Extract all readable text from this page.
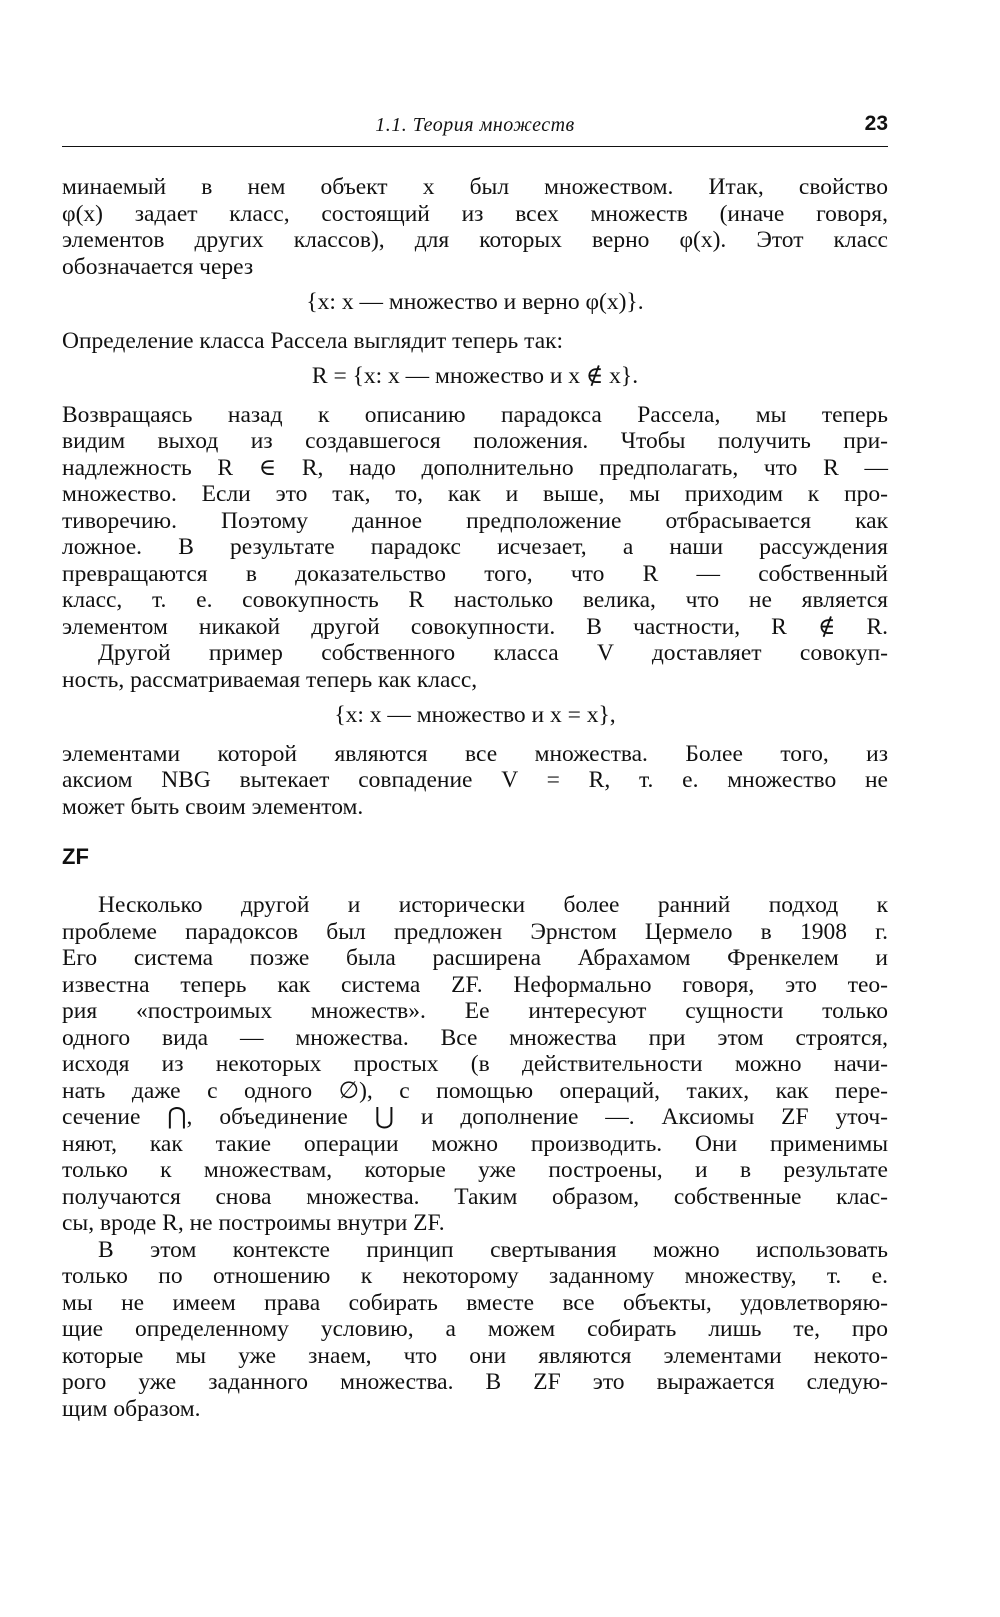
1.1. Теория множеств	23

минаемый в нем объект x был множеством. Итак, свойство

φ(x) задает класс, состоящий из всех множеств (иначе говоря,

элементов других классов), для которых верно φ(x). Этот класс

обозначается через

{x: x — множество и верно φ(x)}.

Определение класса Рассела выглядит теперь так:

R = {x: x — множество и x ∉ x}.

Возвращаясь назад к описанию парадокса Рассела, мы теперь

видим выход из создавшегося положения. Чтобы получить при-

надлежность R ∈ R, надо дополнительно предполагать, что R —

множество. Если это так, то, как и выше, мы приходим к про-

тиворечию. Поэтому данное предположение отбрасывается как

ложное. В результате парадокс исчезает, а наши рассуждения

превращаются в доказательство того, что R — собственный

класс, т. е. совокупность R настолько велика, что не является

элементом никакой другой совокупности. В частности, R ∉ R.

Другой пример собственного класса V доставляет совокуп-

ность, рассматриваемая теперь как класс,

{x: x — множество и x = x},

элементами которой являются все множества. Более того, из

аксиом NBG вытекает совпадение V = R, т. е. множество не

может быть своим элементом.

ZF

Несколько другой и исторически более ранний подход к

проблеме парадоксов был предложен Эрнстом Цермело в 1908 г.

Его система позже была расширена Абрахамом Френкелем и

известна теперь как система ZF. Неформально говоря, это тео-

рия «построимых множеств». Ее интересуют сущности только

одного вида — множества. Все множества при этом строятся,

исходя из некоторых простых (в действительности можно начи-

нать даже с одного ∅), с помощью операций, таких, как пере-

сечение ⋂, объединение ⋃ и дополнение —. Аксиомы ZF уточ-

няют, как такие операции можно производить. Они применимы

только к множествам, которые уже построены, и в результате

получаются снова множества. Таким образом, собственные клас-

сы, вроде R, не построимы внутри ZF.

В этом контексте принцип свертывания можно использовать

только по отношению к некоторому заданному множеству, т. е.

мы не имеем права собирать вместе все объекты, удовлетворяю-

щие определенному условию, а можем собирать лишь те, про

которые мы уже знаем, что они являются элементами некото-

рого уже заданного множества. В ZF это выражается следую-

щим образом.
